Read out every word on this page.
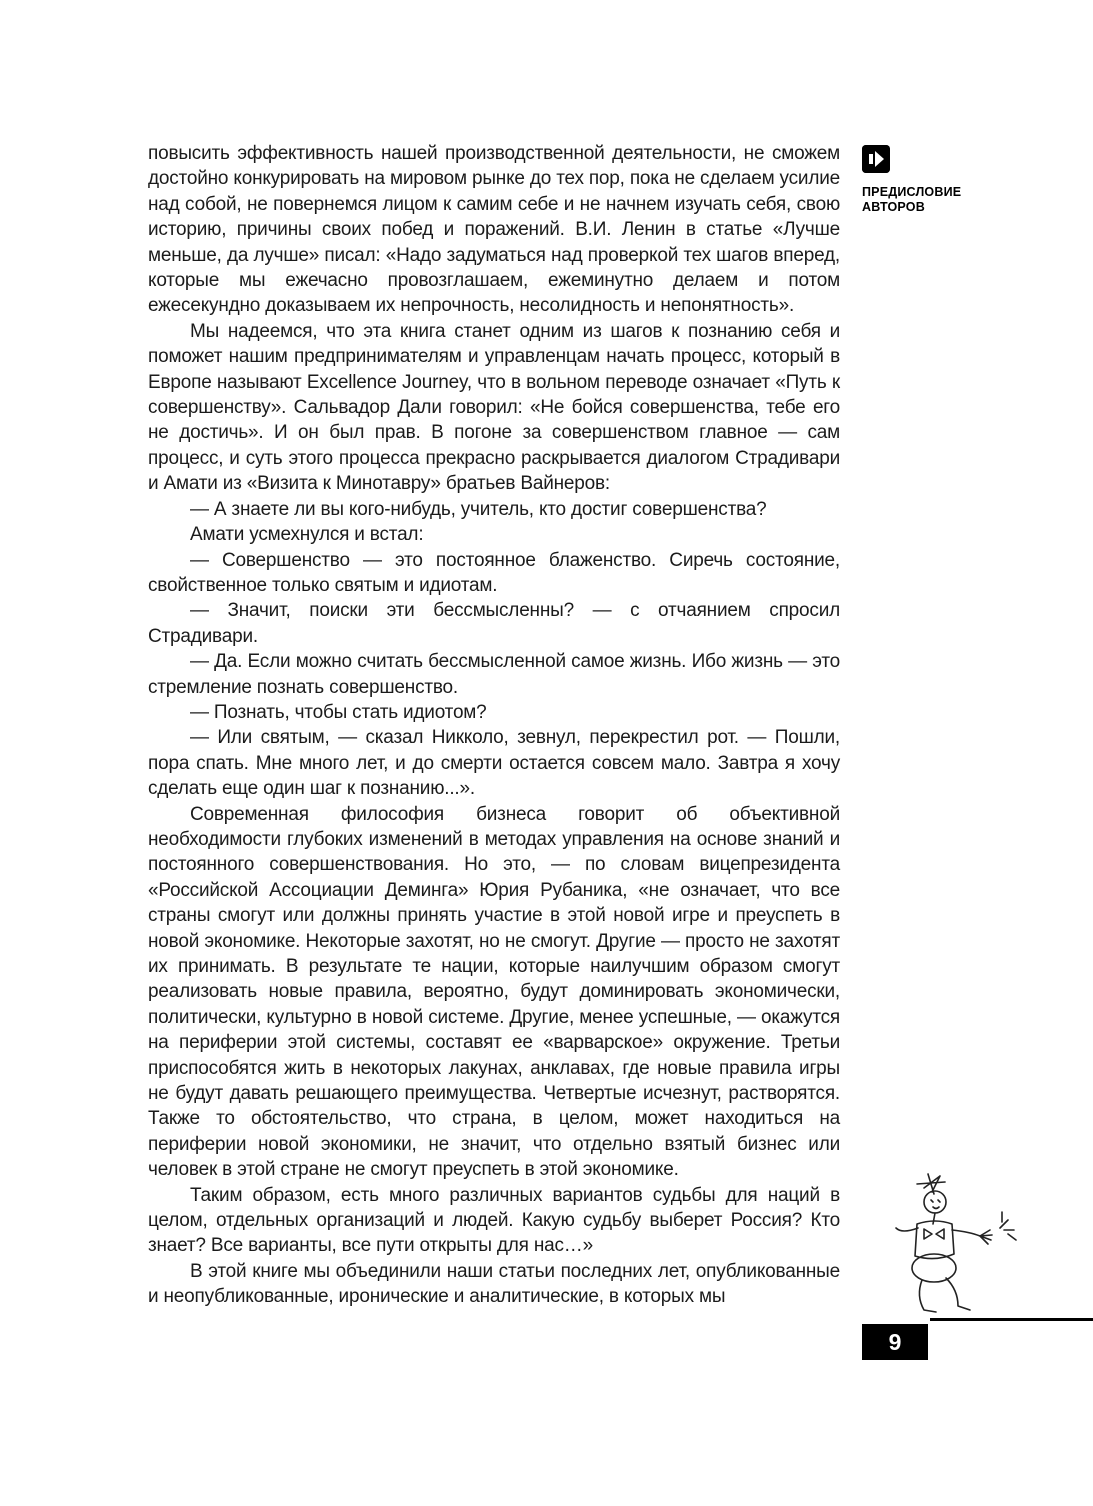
повысить эффективность нашей производственной деятельности, не сможем достойно конкурировать на мировом рынке до тех пор, пока не сделаем усилие над собой, не повернемся лицом к самим себе и не начнем изучать себя, свою историю, причины своих побед и поражений. В.И. Ленин в статье «Лучше меньше, да лучше» писал: «Надо задуматься над проверкой тех шагов вперед, которые мы ежечасно провозглашаем, ежеминутно делаем и потом ежесекундно доказываем их непрочность, несолидность и непонятность».

Мы надеемся, что эта книга станет одним из шагов к познанию себя и поможет нашим предпринимателям и управленцам начать процесс, который в Европе называют Excellence Journey, что в вольном переводе означает «Путь к совершенству». Сальвадор Дали говорил: «Не бойся совершенства, тебе его не достичь». И он был прав. В погоне за совершенством главное — сам процесс, и суть этого процесса прекрасно раскрывается диалогом Страдивари и Амати из «Визита к Минотавру» братьев Вайнеров:

— А знаете ли вы кого-нибудь, учитель, кто достиг совершенства?

Амати усмехнулся и встал:

— Совершенство — это постоянное блаженство. Сиречь состояние, свойственное только святым и идиотам.

— Значит, поиски эти бессмысленны? — с отчаянием спросил Страдивари.

— Да. Если можно считать бессмысленной самое жизнь. Ибо жизнь — это стремление познать совершенство.

— Познать, чтобы стать идиотом?

— Или святым, — сказал Никколо, зевнул, перекрестил рот. — Пошли, пора спать. Мне много лет, и до смерти остается совсем мало. Завтра я хочу сделать еще один шаг к познанию...».

Современная философия бизнеса говорит об объективной необходимости глубоких изменений в методах управления на основе знаний и постоянного совершенствования. Но это, — по словам вицепрезидента «Российской Ассоциации Деминга» Юрия Рубаника, «не означает, что все страны смогут или должны принять участие в этой новой игре и преуспеть в новой экономике. Некоторые захотят, но не смогут. Другие — просто не захотят их принимать. В результате те нации, которые наилучшим образом смогут реализовать новые правила, вероятно, будут доминировать экономически, политически, культурно в новой системе. Другие, менее успешные, — окажутся на периферии этой системы, составят ее «варварское» окружение. Третьи приспособятся жить в некоторых лакунах, анклавах, где новые правила игры не будут давать решающего преимущества. Четвертые исчезнут, растворятся. Также то обстоятельство, что страна, в целом, может находиться на периферии новой экономики, не значит, что отдельно взятый бизнес или человек в этой стране не смогут преуспеть в этой экономике.

Таким образом, есть много различных вариантов судьбы для наций в целом, отдельных организаций и людей. Какую судьбу выберет Россия? Кто знает? Все варианты, все пути открыты для нас…»

В этой книге мы объединили наши статьи последних лет, опубликованные и неопубликованные, иронические и аналитические, в которых мы

ПРЕДИСЛОВИЕ
АВТОРОВ
9
